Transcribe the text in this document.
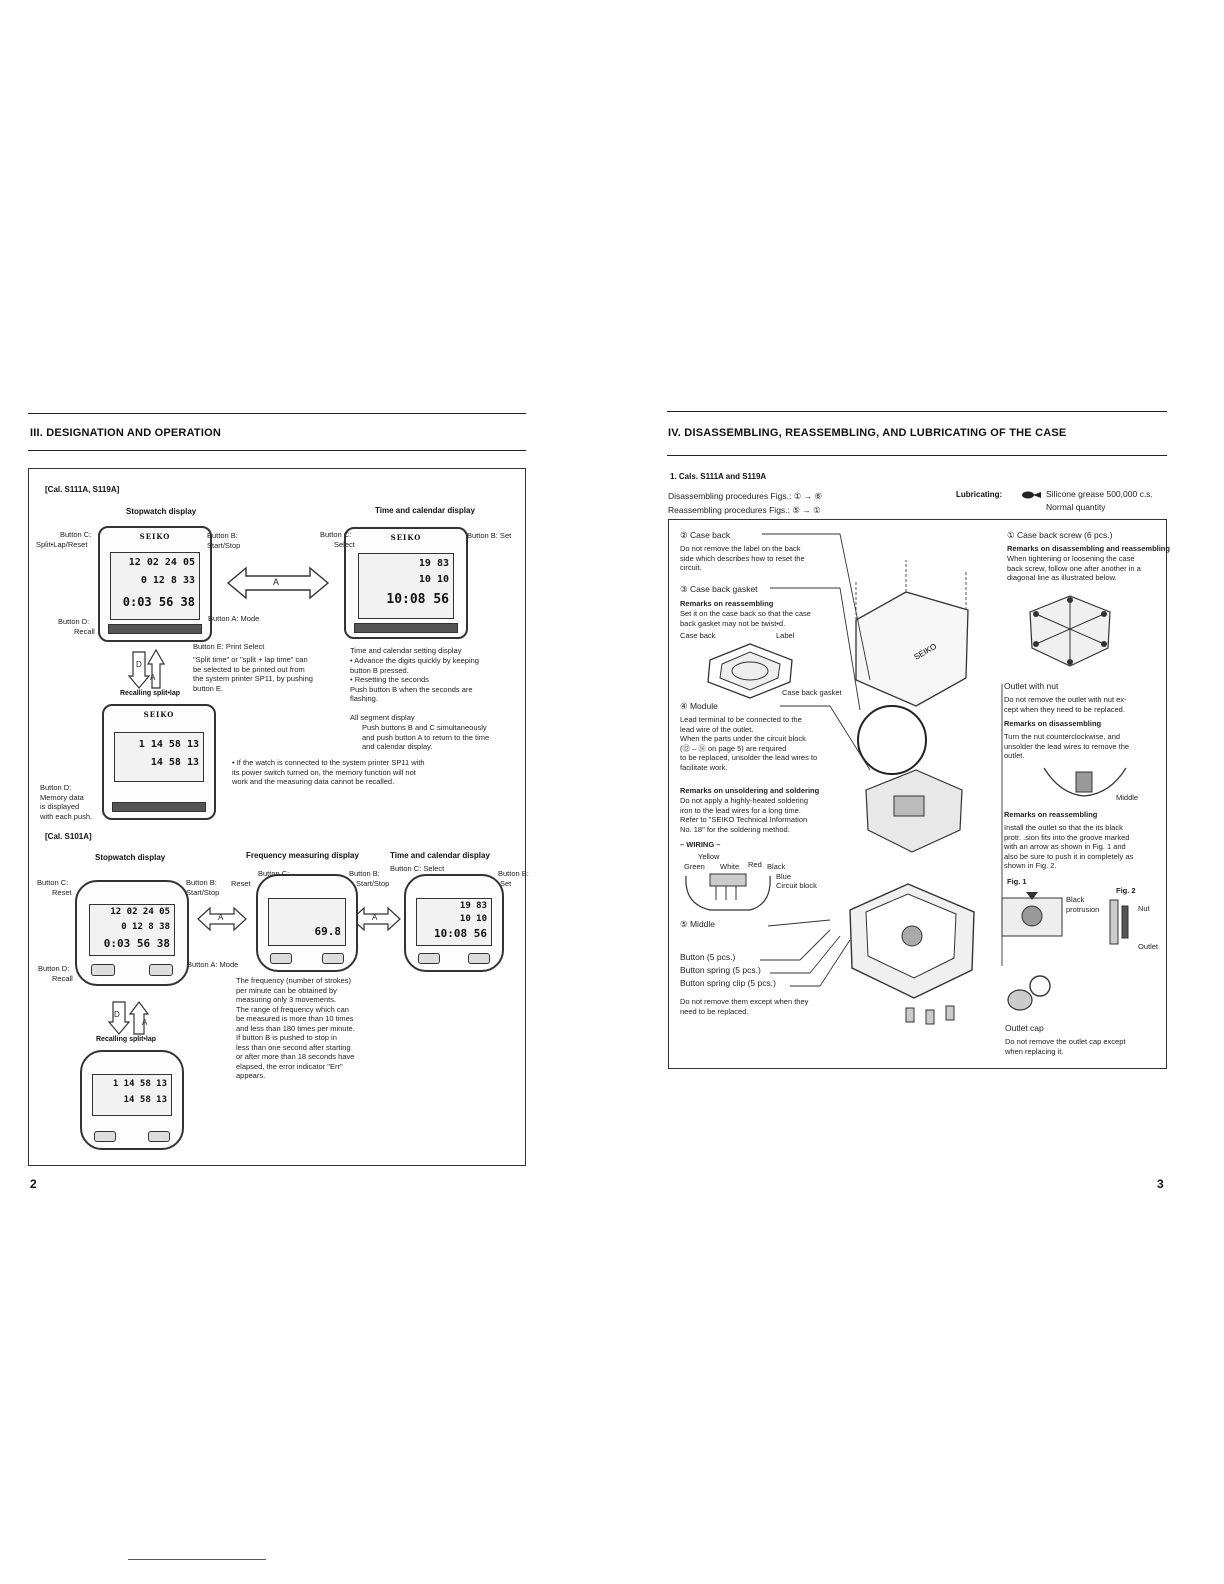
III. DESIGNATION AND OPERATION
[Cal. S111A, S119A]
Stopwatch display	Time and calendar display
SEIKO
12 02 24 05
0 12 8 33
0:03 56 38
Button C:
Split•Lap/Reset
Button B:
Start/Stop
Button D:
Recall
Button A: Mode
A
SEIKO
19 83
10 10
10:08 56
Button C:
Select
Button B: Set
Button E: Print Select
"Split time" or "split + lap time" can
be selected to be printed out from
the system printer SP11, by pushing
button E.
Time and calendar setting display
• Advance the digits quickly by keeping
button B pressed.
• Resetting the seconds
Push button B when the seconds are
flashing.
All segment display
Push buttons B and C simultaneously
and push button A to return to the time
and calendar display.
D
A
Recalling split•lap
SEIKO
1 14 58 13
14 58 13
Button D:
Memory data
is displayed
with each push.
• If the watch is connected to the system printer SP11 with
its power switch turned on, the memory function will not
work and the measuring data cannot be recalled.
[Cal. S101A]
Stopwatch display	Frequency measuring display	Time and calendar display
12 02 24 05
0 12 8 38
0:03 56 38
Button C:
Reset
Button B:
Start/Stop
Button D:
Recall
Button A: Mode
A	A
69.8
Button C:
Reset
Button B:
Start/Stop
19 83
10 10
10:08 56
Button C: Select
Button B:
Set
D
A
Recalling split•lap
1 14 58 13
14 58 13
The frequency (number of strokes)
per minute can be obtained by
measuring only 3 movements.
The range of frequency which can
be measured is more than 10 times
and less than 180 times per minute.
If button B is pushed to stop in
less than one second after starting
or after more than 18 seconds have
elapsed, the error indicator "Err"
appears.
2
IV. DISASSEMBLING, REASSEMBLING, AND LUBRICATING OF THE CASE
1. Cals. S111A and S119A
Disassembling procedures Figs.: ① → ⑥
Reassembling procedures Figs.: ⑤ → ①
Lubricating:	Silicone grease 500,000 c.s.
Normal quantity
② Case back
Do not remove the label on the back
side which describes how to reset the
circuit.
③ Case back gasket
Remarks on reassembling
Set it on the case back so that the case
back gasket may not be twist•d.
Case back	Label
Case back gasket
④ Module
Lead terminal to be connected to the
lead wire of the outlet.
When the parts under the circuit block
(⑫ – ⑯ on page 5) are required
to be replaced, unsolder the lead wires to
facilitate work.
Remarks on unsoldering and soldering
Do not apply a highly-heated soldering
iron to the lead wires for a long time.
Refer to "SEIKO Technical Information
No. 18" for the soldering method.
– WIRING –
Yellow
Green White Red Black
Blue
Circuit block
⑤ Middle
Button (5 pcs.)
Button spring (5 pcs.)
Button spring clip (5 pcs.)
Do not remove them except when they
need to be replaced.
SEIKO
① Case back screw (6 pcs.)
Remarks on disassembling and reassembling
When tightening or loosening the case
back screw, follow one after another in a
diagonal line as illustrated below.
Outlet with nut
Do not remove the outlet with nut ex-
cept when they need to be replaced.
Remarks on disassembling
Turn the nut counterclockwise, and
unsolder the lead wires to remove the
outlet.
Middle
Remarks on reassembling
Install the outlet so that the its black
protr. .sion fits into the groove marked
with an arrow as shown in Fig. 1 and
also be sure to push it in completely as
shown in Fig. 2.
Fig. 1
Fig. 2
Black
protrusion	Nut
Outlet
Outlet cap
Do not remove the outlet cap except
when replacing it.
3
